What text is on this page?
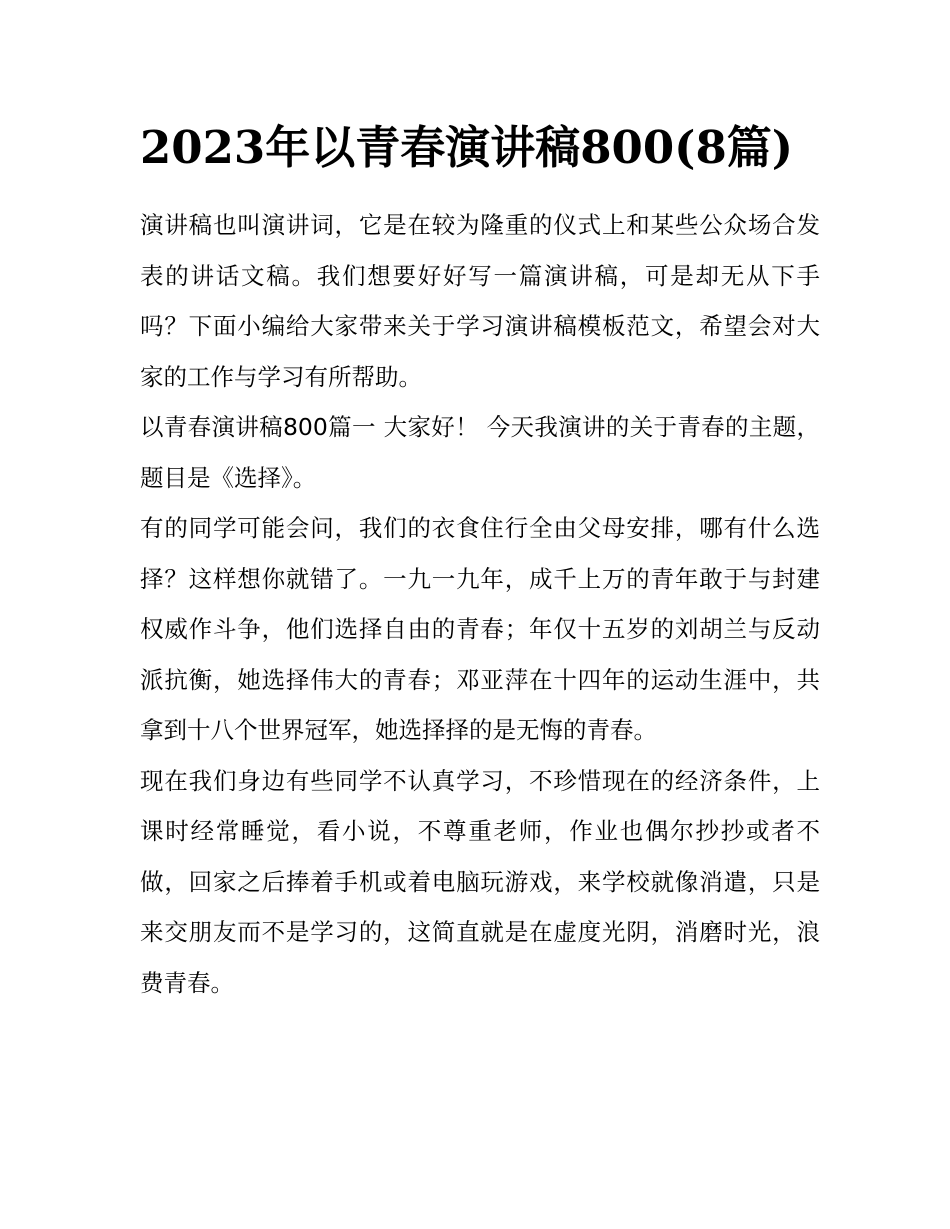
2023年以青春演讲稿800(8篇)

演讲稿也叫演讲词，它是在较为隆重的仪式上和某些公众场合发表的讲话文稿。我们想要好好写一篇演讲稿，可是却无从下手吗？下面小编给大家带来关于学习演讲稿模板范文，希望会对大家的工作与学习有所帮助。

以青春演讲稿800篇一 大家好！ 今天我演讲的关于青春的主题，题目是《选择》。

有的同学可能会问，我们的衣食住行全由父母安排，哪有什么选择？这样想你就错了。一九一九年，成千上万的青年敢于与封建权威作斗争，他们选择自由的青春；年仅十五岁的刘胡兰与反动派抗衡，她选择伟大的青春；邓亚萍在十四年的运动生涯中，共拿到十八个世界冠军，她选择择的是无悔的青春。

现在我们身边有些同学不认真学习，不珍惜现在的经济条件，上课时经常睡觉，看小说，不尊重老师，作业也偶尔抄抄或者不做，回家之后捧着手机或着电脑玩游戏，来学校就像消遣，只是来交朋友而不是学习的，这简直就是在虚度光阴，消磨时光，浪费青春。
